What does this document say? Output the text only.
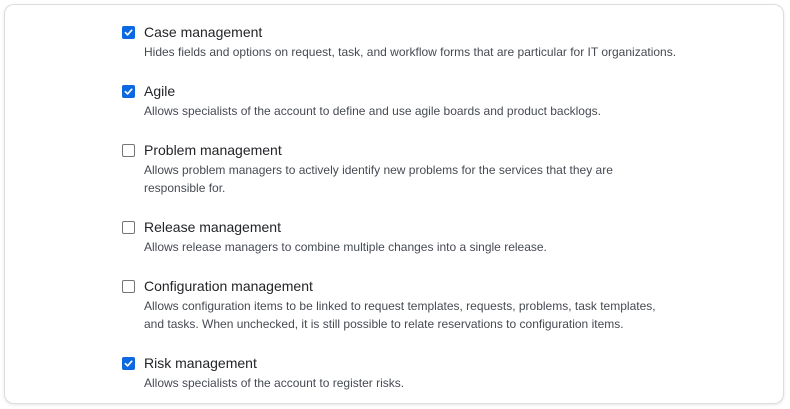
Case management
Hides fields and options on request, task, and workflow forms that are particular for IT organizations.
Agile
Allows specialists of the account to define and use agile boards and product backlogs.
Problem management
Allows problem managers to actively identify new problems for the services that they are
responsible for.
Release management
Allows release managers to combine multiple changes into a single release.
Configuration management
Allows configuration items to be linked to request templates, requests, problems, task templates,
and tasks. When unchecked, it is still possible to relate reservations to configuration items.
Risk management
Allows specialists of the account to register risks.
